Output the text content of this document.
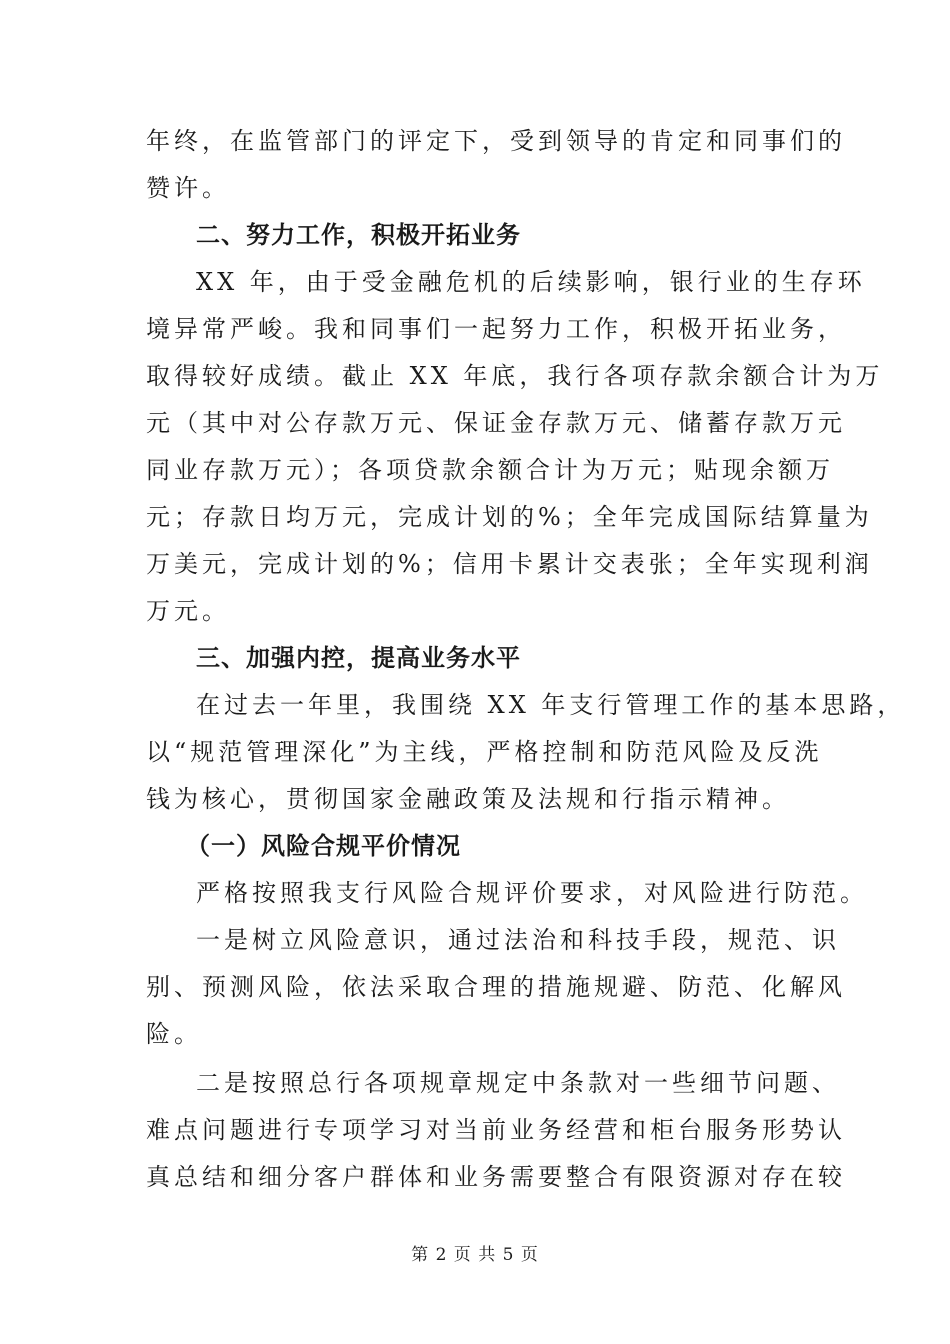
年终，在监管部门的评定下，受到领导的肯定和同事们的
赞许。
二、努力工作，积极开拓业务
XX 年，由于受金融危机的后续影响，银行业的生存环
境异常严峻。我和同事们一起努力工作，积极开拓业务，
取得较好成绩。截止 XX 年底，我行各项存款余额合计为万
元（其中对公存款万元、保证金存款万元、储蓄存款万元
同业存款万元）；各项贷款余额合计为万元；贴现余额万
元；存款日均万元，完成计划的%；全年完成国际结算量为
万美元，完成计划的%；信用卡累计交表张；全年实现利润
万元。
三、加强内控，提高业务水平
在过去一年里，我围绕 XX 年支行管理工作的基本思路，
以“规范管理深化”为主线，严格控制和防范风险及反洗
钱为核心，贯彻国家金融政策及法规和行指示精神。
（一）风险合规平价情况
严格按照我支行风险合规评价要求，对风险进行防范。
一是树立风险意识，通过法治和科技手段，规范、识
别、预测风险，依法采取合理的措施规避、防范、化解风
险。
二是按照总行各项规章规定中条款对一些细节问题、
难点问题进行专项学习对当前业务经营和柜台服务形势认
真总结和细分客户群体和业务需要整合有限资源对存在较
第 2 页 共 5 页
